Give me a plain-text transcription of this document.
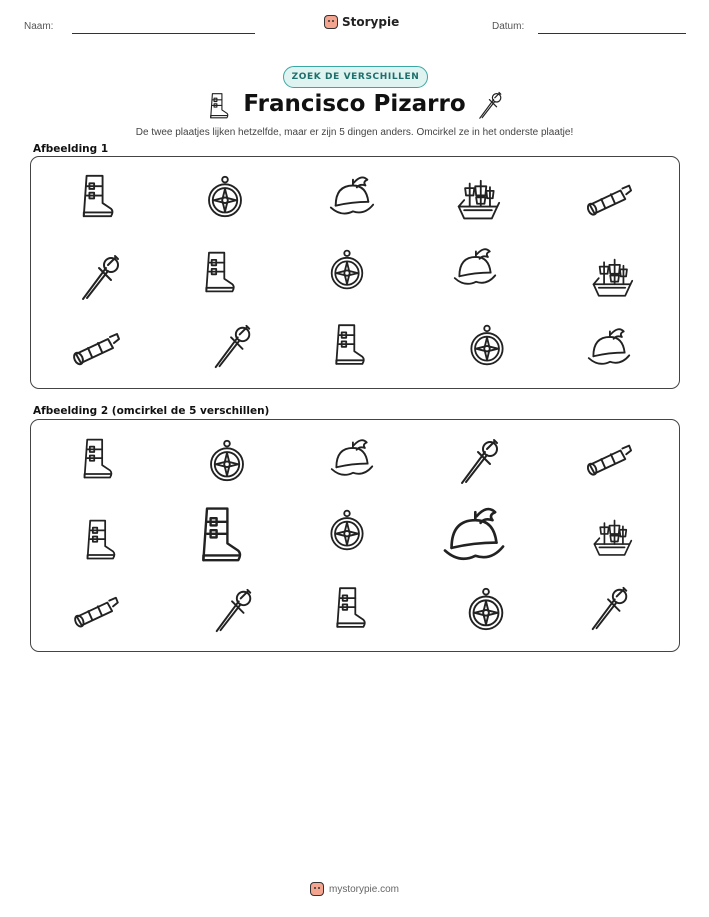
Naam:	Storypie	Datum:
ZOEK DE VERSCHILLEN
Francisco Pizarro
De twee plaatjes lijken hetzelfde, maar er zijn 5 dingen anders. Omcirkel ze in het onderste plaatje!
Afbeelding 1
Afbeelding 2 (omcirkel de 5 verschillen)
mystorypie.com
